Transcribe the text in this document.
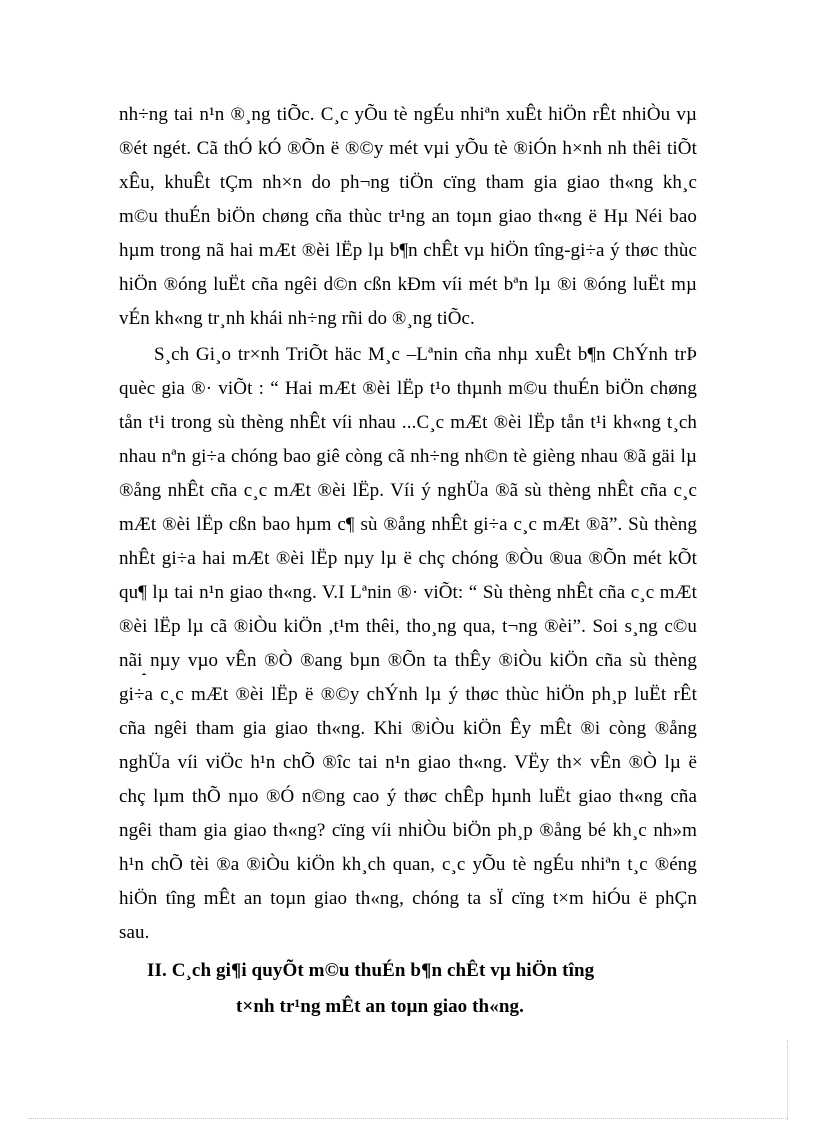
nh÷ng tai n¹n ®¸ng tiÕc. C¸c yÕu tè ngÉu nhiªn xuÊt hiÖn rÊt nhiÒu vµ
®ét ngét. Cã thÓ kÓ ®Õn ë ®©y mét vµi yÕu tè ®iÓn h×nh nh thêi tiÕt
xÊu, khuÊt tÇm nh×n do ph¬ng tiÖn cïng tham gia giao th«ng kh¸c
m©u thuÉn biÖn chøng cña thùc tr¹ng an toµn giao th«ng ë Hµ Néi bao
hµm trong nã hai mÆt ®èi lËp lµ b¶n chÊt vµ hiÖn tîng-gi÷a ý thøc thùc
hiÖn ®óng luËt cña ngêi d©n cßn kÐm víi mét bªn lµ ®i ®óng luËt mµ
vÉn kh«ng tr¸nh khái nh÷ng rñi do ®¸ng tiÕc.
S¸ch Gi¸o tr×nh TriÕt häc M¸c –Lªnin cña nhµ xuÊt b¶n ChÝnh trÞ
quèc gia ®· viÕt : “ Hai mÆt ®èi lËp t¹o thµnh m©u thuÉn biÖn chøng
tån t¹i trong sù thèng nhÊt víi nhau ...C¸c mÆt ®èi lËp tån t¹i kh«ng t¸ch
nhau nªn gi÷a chóng bao giê còng cã nh÷ng nh©n tè gièng nhau ®ã gäi lµ
®ång nhÊt cña c¸c mÆt ®èi lËp. Víi ý nghÜa ®ã sù thèng nhÊt cña c¸c
mÆt ®èi lËp cßn bao hµm c¶ sù ®ång nhÊt gi÷a c¸c mÆt ®ã”. Sù thèng
nhÊt gi÷a hai mÆt ®èi lËp nµy lµ ë chç chóng ®Òu ®ua ®Õn mét kÕt
qu¶ lµ tai n¹n giao th«ng. V.I Lªnin ®· viÕt: “ Sù thèng nhÊt cña c¸c mÆt
®èi lËp lµ cã ®iÒu kiÖn ,t¹m thêi, tho¸ng qua, t¬ng ®èi”. Soi s¸ng c©u
nãi nµy vµo vÊn ®Ò ®ang bµn ®Õn ta thÊy ®iÒu kiÖn cña sù thèng
gi÷a c¸c mÆt ®èi lËp ë ®©y chÝnh lµ ý thøc thùc hiÖn ph¸p luËt rÊt
cña ngêi tham gia giao th«ng. Khi ®iÒu kiÖn Êy mÊt ®i còng ®ång
nghÜa víi viÖc h¹n chÕ ®îc tai n¹n giao th«ng. VËy th× vÊn ®Ò lµ ë
chç lµm thÕ nµo ®Ó n©ng cao ý thøc chÊp hµnh luËt giao th«ng cña
ngêi tham gia giao th«ng? cïng víi nhiÒu biÖn ph¸p ®ång bé kh¸c nh»m
h¹n chÕ tèi ®a ®iÒu kiÖn kh¸ch quan, c¸c yÕu tè ngÉu nhiªn t¸c ®éng
hiÖn tîng mÊt an toµn giao th«ng, chóng ta sÏ cïng t×m hiÓu ë phÇn
sau.
II. C¸ch gi¶i quyÕt m©u thuÉn b¶n chÊt vµ hiÖn tîng
t×nh tr¹ng mÊt an toµn giao th«ng.
